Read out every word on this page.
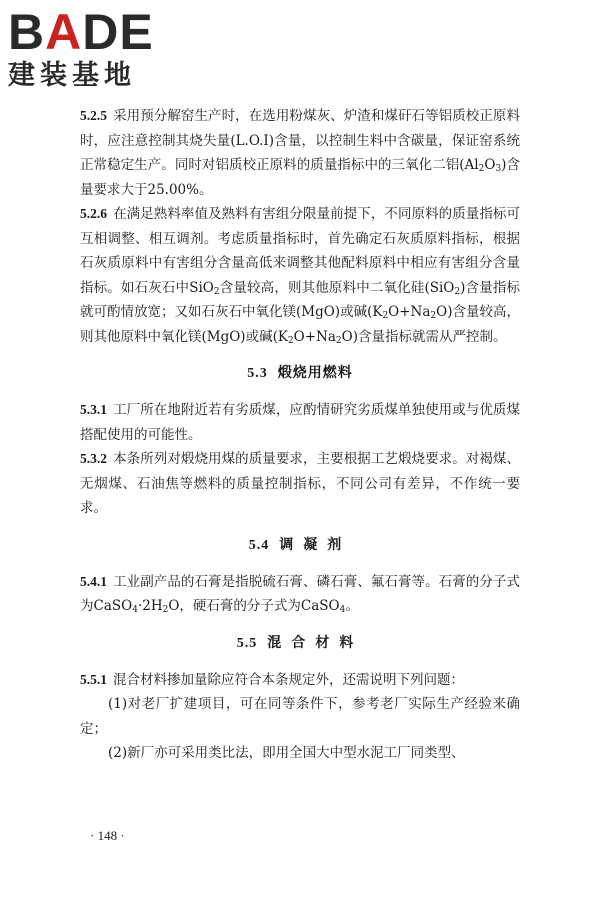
BADE
建装基地

5.2.5 采用预分解窑生产时，在选用粉煤灰、炉渣和煤矸石等铝质校正原料时，应注意控制其烧失量(L.O.I)含量，以控制生料中含碳量，保证窑系统正常稳定生产。同时对铝质校正原料的质量指标中的三氧化二铝$(Al_2O_3)$含量要求大于25.00%。

5.2.6 在满足熟料率值及熟料有害组分限量前提下，不同原料的质量指标可互相调整、相互调剂。考虑质量指标时，首先确定石灰质原料指标，根据石灰质原料中有害组分含量高低来调整其他配料原料中相应有害组分含量指标。如石灰石中SiO$_2$含量较高，则其他原料中二氧化硅(SiO$_2$)含量指标就可酌情放宽；又如石灰石中氧化镁(MgO)或碱$(K_2O+Na_2O)$含量较高，则其他原料中氧化镁(MgO)或碱$(K_2O+Na_2O)$含量指标就需从严控制。

5.3 煅烧用燃料

5.3.1 工厂所在地附近若有劣质煤，应酌情研究劣质煤单独使用或与优质煤搭配使用的可能性。

5.3.2 本条所列对煅烧用煤的质量要求，主要根据工艺煅烧要求。对褐煤、无烟煤、石油焦等燃料的质量控制指标，不同公司有差异，不作统一要求。

5.4 调凝剂

5.4.1 工业副产品的石膏是指脱硫石膏、磷石膏、氟石膏等。石膏的分子式为$CaSO_4\cdot 2H_2O$，硬石膏的分子式为CaSO$_4$。

5.5 混合材料

5.5.1 混合材料掺加量除应符合本条规定外，还需说明下列问题：

(1)对老厂扩建项目，可在同等条件下，参考老厂实际生产经验来确定；

(2)新厂亦可采用类比法，即用全国大中型水泥工厂同类型、

· 148 ·
